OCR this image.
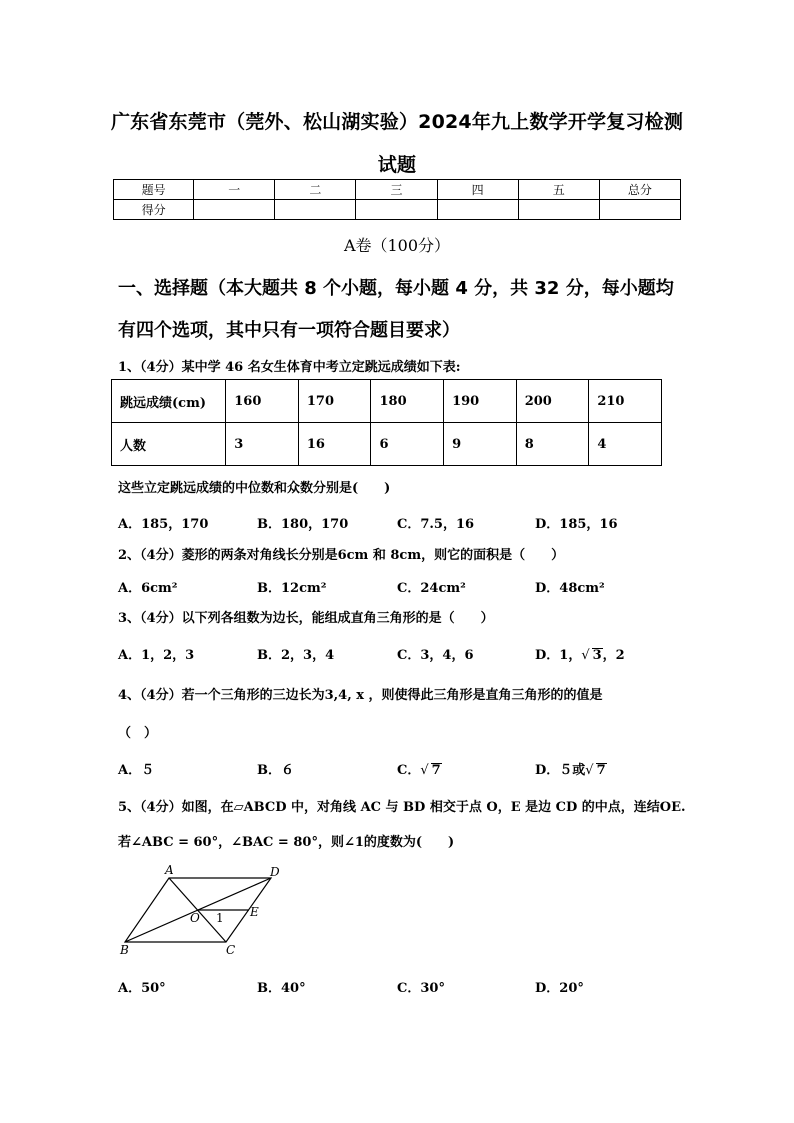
广东省东莞市（莞外、松山湖实验）2024年九上数学开学复习检测
试题
题号	一	二	三	四	五	总分
得分						
A卷（100分）
一、选择题（本大题共 8 个小题，每小题 4 分，共 32 分，每小题均
有四个选项，其中只有一项符合题目要求）
1、（4分）某中学 46 名女生体育中考立定跳远成绩如下表:
跳远成绩(cm)	160	170	180	190	200	210
人数	3	16	6	9	8	4
这些立定跳远成绩的中位数和众数分别是(　　)
A．185，170	B．180，170	C．7.5，16	D．185，16
2、（4分）菱形的两条对角线长分别是6cm 和 8cm，则它的面积是（　　）
A．6cm²	B．12cm²	C．24cm²	D．48cm²
3、（4分）以下列各组数为边长，能组成直角三角形的是（　　）
A．1，2，3	B．2，3，4	C．3，4，6	D．1，√ 3，2
4、（4分）若一个三角形的三边长为3,4, x ，则使得此三角形是直角三角形的的值是
（　）
A．５	B．６	C．√ 7	D．５或√ 7
5、（4分）如图，在▱ABCD 中，对角线 AC 与 BD 相交于点 O，E 是边 CD 的中点，连结OE.
若∠ABC = 60°，∠BAC = 80°，则∠1的度数为(　　)
A	D
B	C
O	E
1
A．50°	B．40°	C．30°	D．20°
